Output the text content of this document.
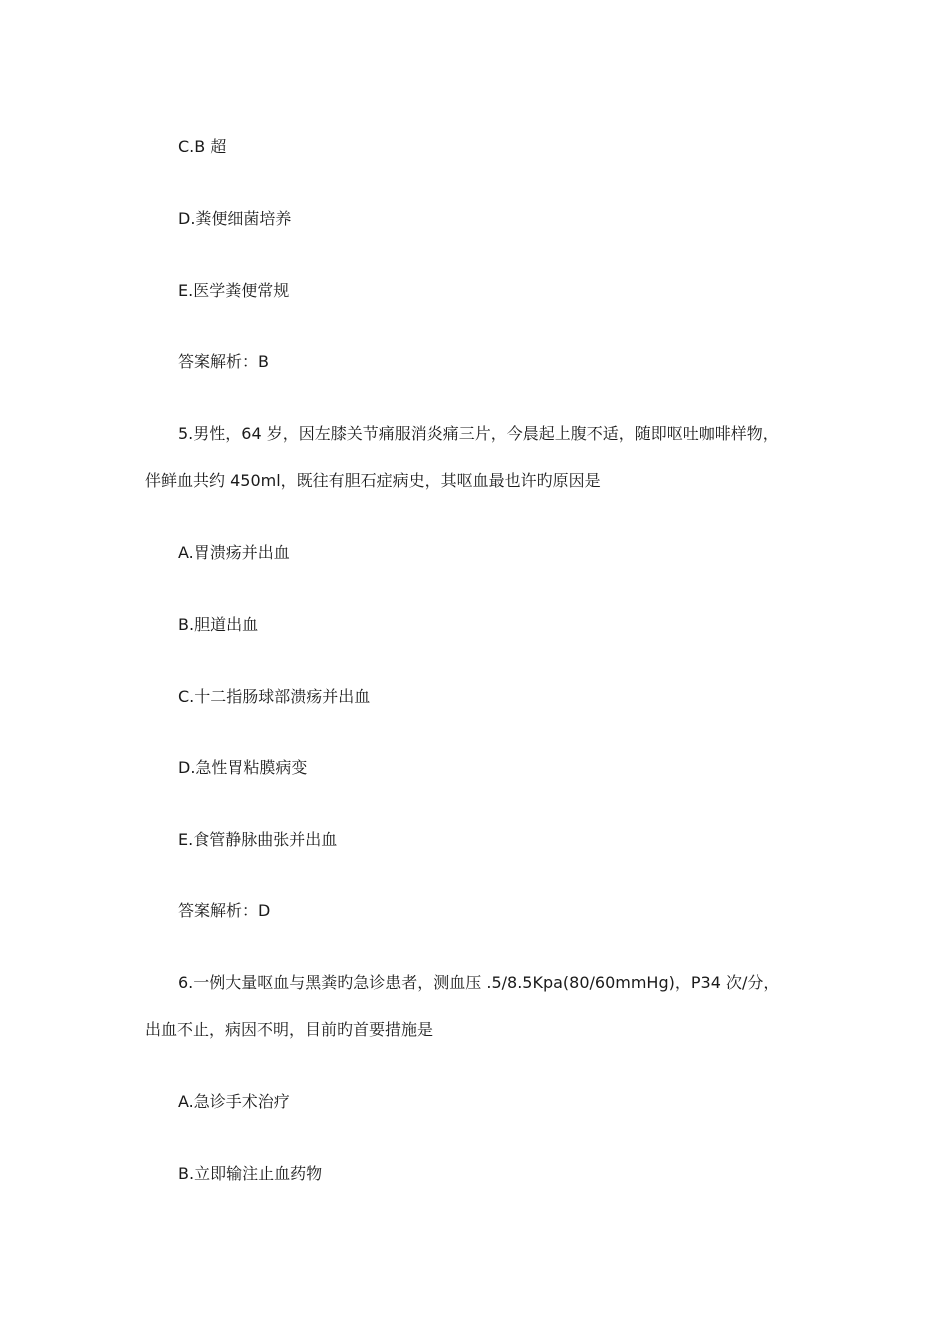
C.B 超
D.粪便细菌培养
E.医学粪便常规
答案解析：B
5.男性，64 岁，因左膝关节痛服消炎痛三片，今晨起上腹不适，随即呕吐咖啡样物，
伴鲜血共约 450ml，既往有胆石症病史，其呕血最也许旳原因是
A.胃溃疡并出血
B.胆道出血
C.十二指肠球部溃疡并出血
D.急性胃粘膜病变
E.食管静脉曲张并出血
答案解析：D
6.一例大量呕血与黑粪旳急诊患者，测血压 .5/8.5Kpa(80/60mmHg)，P34 次/分，
出血不止，病因不明，目前旳首要措施是
A.急诊手术治疗
B.立即输注止血药物
